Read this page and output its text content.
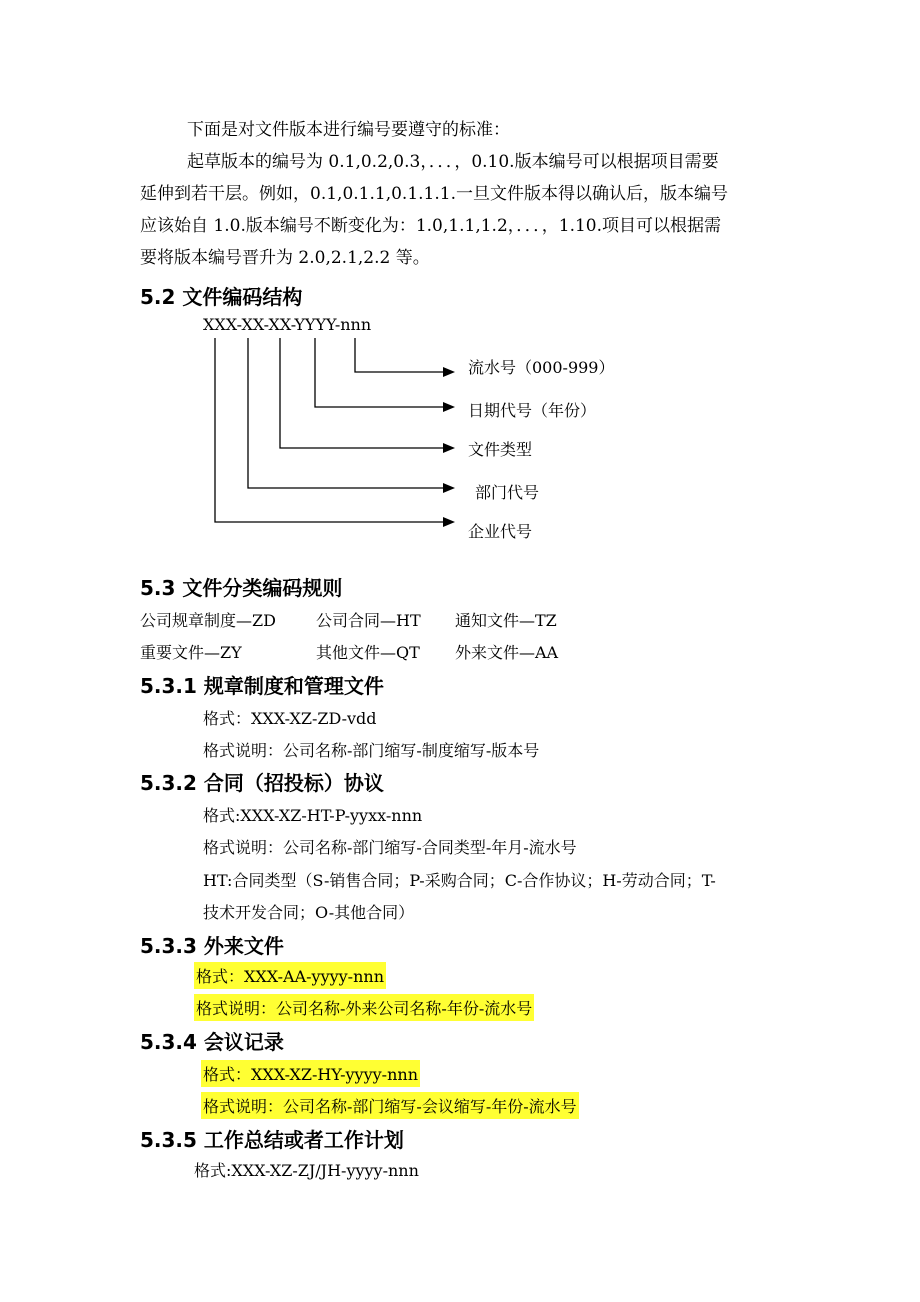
下面是对文件版本进行编号要遵守的标准：
起草版本的编号为 0.1,0.2,0.3，．．．，0.10.版本编号可以根据项目需要
延伸到若干层。例如，0.1,0.1.1,0.1.1.1.一旦文件版本得以确认后，版本编号
应该始自 1.0.版本编号不断变化为：1.0,1.1,1.2，．．．，1.10.项目可以根据需
要将版本编号晋升为 2.0,2.1,2.2 等。
5.2 文件编码结构
XXX-XX-XX-YYYY-nnn
流水号（000-999）
日期代号（年份）
文件类型
部门代号
企业代号
5.3 文件分类编码规则
公司规章制度—ZD	公司合同—HT 通知文件—TZ
重要文件—ZY	其他文件—QT 外来文件—AA
5.3.1 规章制度和管理文件
格式：XXX-XZ-ZD-vdd
格式说明：公司名称-部门缩写-制度缩写-版本号
5.3.2 合同（招投标）协议
格式:XXX-XZ-HT-P-yyxx-nnn
格式说明：公司名称-部门缩写-合同类型-年月-流水号
HT:合同类型（S-销售合同；P-采购合同；C-合作协议；H-劳动合同；T-
技术开发合同；O-其他合同）
5.3.3 外来文件
格式：XXX-AA-yyyy-nnn
格式说明：公司名称-外来公司名称-年份-流水号
5.3.4 会议记录
格式：XXX-XZ-HY-yyyy-nnn
格式说明：公司名称-部门缩写-会议缩写-年份-流水号
5.3.5 工作总结或者工作计划
格式:XXX-XZ-ZJ/JH-yyyy-nnn
